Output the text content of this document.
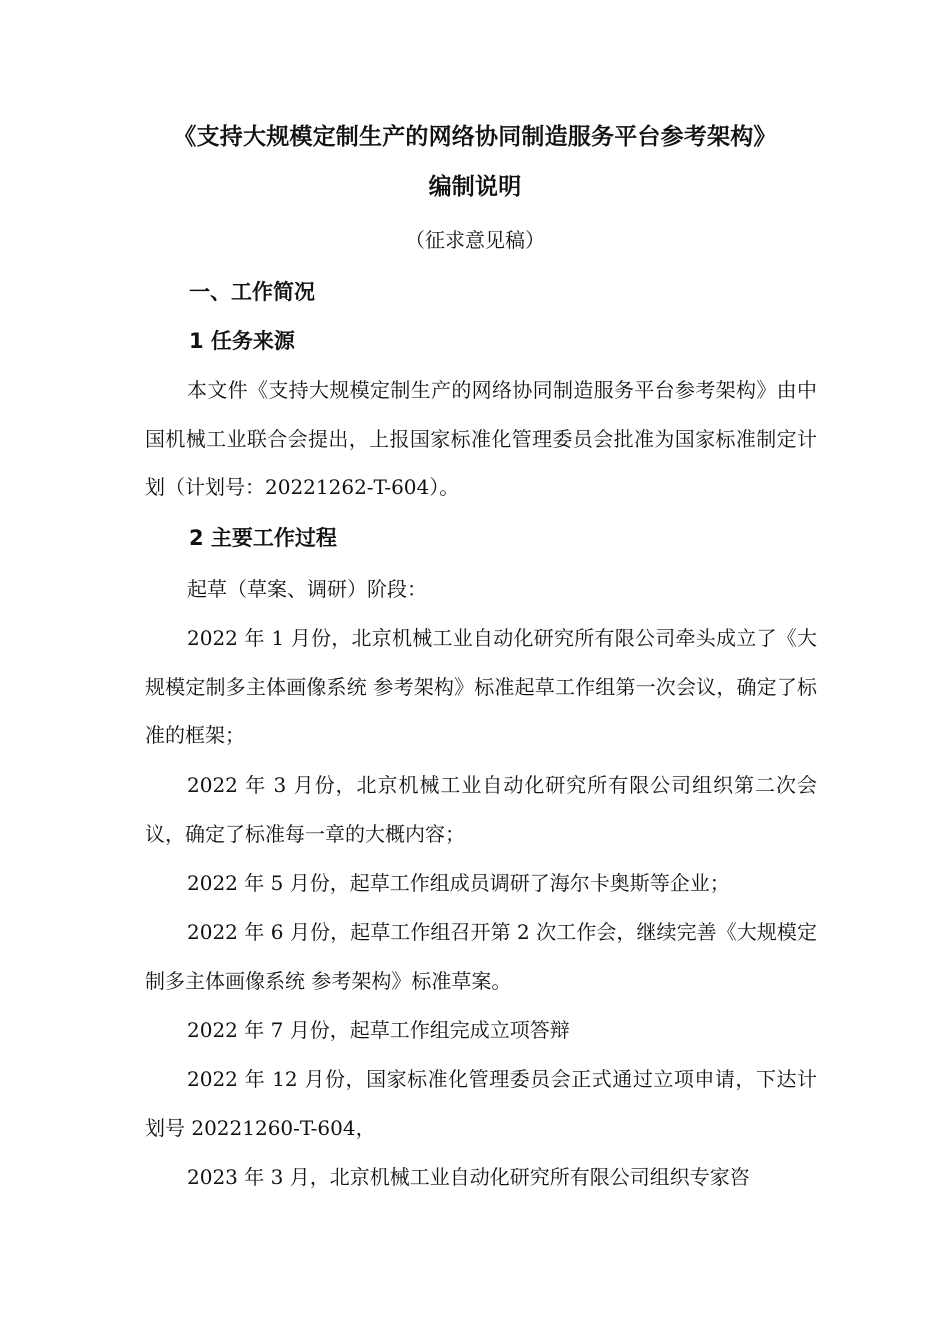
《支持大规模定制生产的网络协同制造服务平台参考架构》
编制说明
（征求意见稿）
一、工作简况
1 任务来源
本文件《支持大规模定制生产的网络协同制造服务平台参考架构》由中国机械工业联合会提出，上报国家标准化管理委员会批准为国家标准制定计划（计划号：20221262-T-604）。
2 主要工作过程
起草（草案、调研）阶段：
2022 年 1 月份，北京机械工业自动化研究所有限公司牵头成立了《大规模定制多主体画像系统 参考架构》标准起草工作组第一次会议，确定了标准的框架；
2022 年 3 月份，北京机械工业自动化研究所有限公司组织第二次会议，确定了标准每一章的大概内容；
2022 年 5 月份，起草工作组成员调研了海尔卡奥斯等企业；
2022 年 6 月份，起草工作组召开第 2 次工作会，继续完善《大规模定制多主体画像系统 参考架构》标准草案。
2022 年 7 月份，起草工作组完成立项答辩
2022 年 12 月份，国家标准化管理委员会正式通过立项申请，下达计划号 20221260-T-604，
2023 年 3 月，北京机械工业自动化研究所有限公司组织专家咨
